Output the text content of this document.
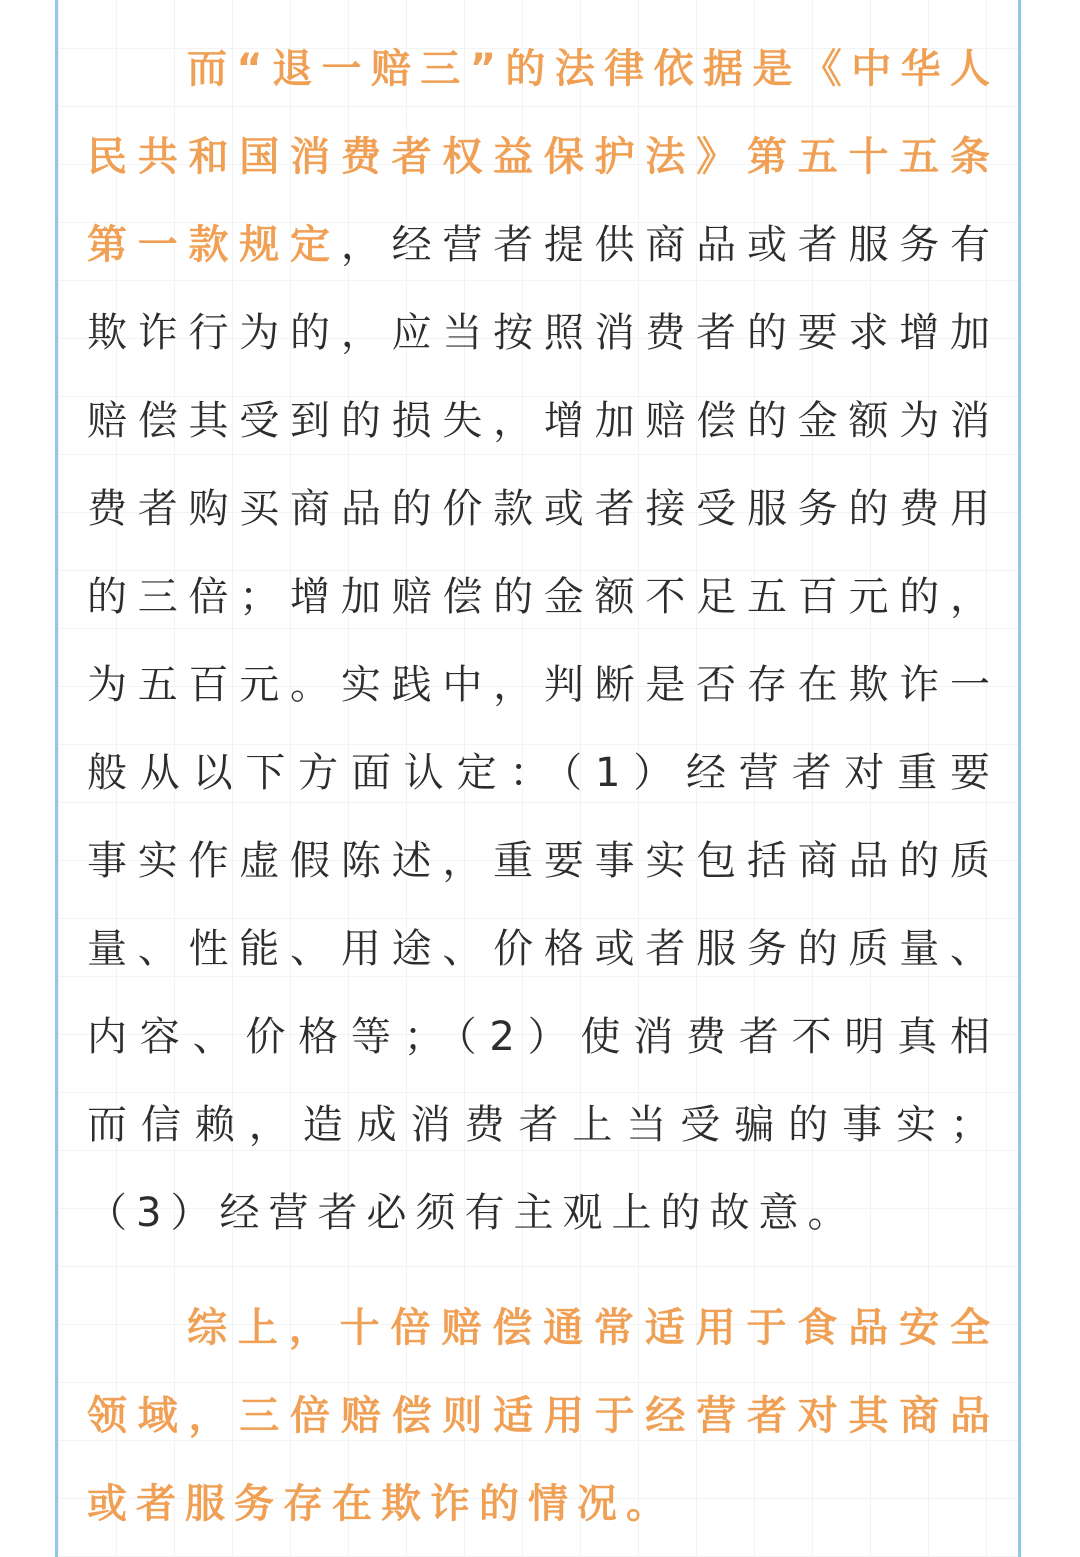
而“退一赔三”的法律依据是《中华人
民共和国消费者权益保护法》第五十五条
第一款规定，经营者提供商品或者服务有
欺诈行为的，应当按照消费者的要求增加
赔偿其受到的损失，增加赔偿的金额为消
费者购买商品的价款或者接受服务的费用
的三倍；增加赔偿的金额不足五百元的，
为五百元。实践中，判断是否存在欺诈一
般从以下方面认定：（1）经营者对重要
事实作虚假陈述，重要事实包括商品的质
量、性能、用途、价格或者服务的质量、
内容、价格等；（2）使消费者不明真相
而信赖，造成消费者上当受骗的事实；
（3）经营者必须有主观上的故意。
综上，十倍赔偿通常适用于食品安全
领域，三倍赔偿则适用于经营者对其商品
或者服务存在欺诈的情况。
